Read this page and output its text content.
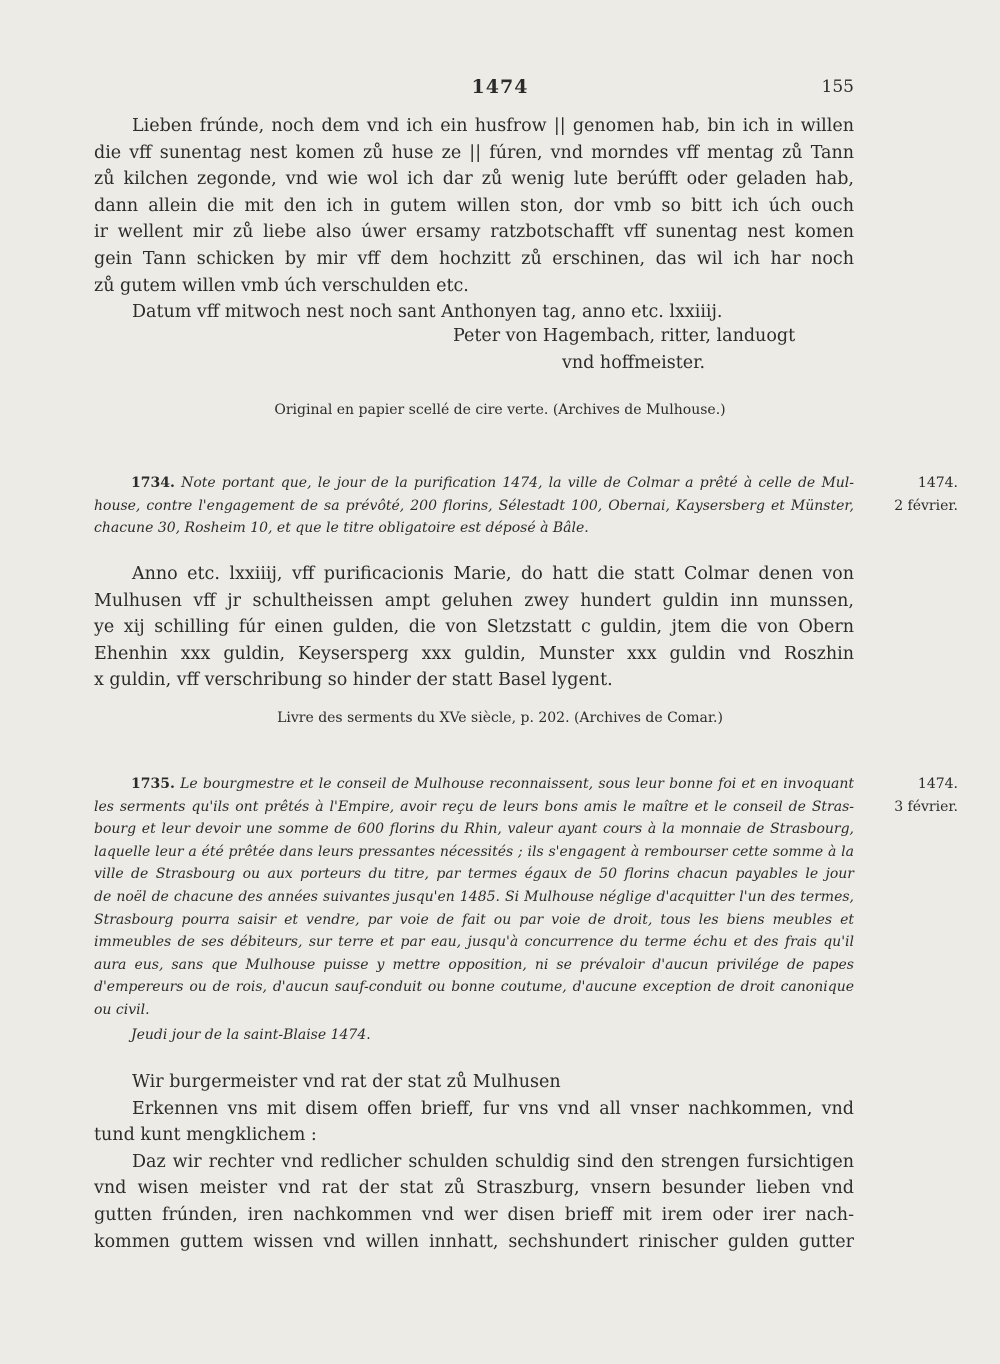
1474	155
Lieben frúnde, noch dem vnd ich ein husfrow || genomen hab, bin ich in willen
die vff sunentag nest komen zů huse ze || fúren, vnd morndes vff mentag zů Tann
zů kilchen zegonde, vnd wie wol ich dar zů wenig lute berúfft oder geladen hab,
dann allein die mit den ich in gutem willen ston, dor vmb so bitt ich úch ouch
ir wellent mir zů liebe also úwer ersamy ratzbotschafft vff sunentag nest komen
gein Tann schicken by mir vff dem hochzitt zů erschinen, das wil ich har noch
zů gutem willen vmb úch verschulden etc.
Datum vff mitwoch nest noch sant Anthonyen tag, anno etc. lxxiiij.
Peter von Hagembach, ritter, landuogt
vnd hoffmeister.
Original en papier scellé de cire verte. (Archives de Mulhouse.)
1734. Note portant que, le jour de la purification 1474, la ville de Colmar a prêté à celle de Mul-
house, contre l'engagement de sa prévôté, 200 florins, Sélestadt 100, Obernai, Kaysersberg et Münster,
chacune 30, Rosheim 10, et que le titre obligatoire est déposé à Bâle.
1474.
2 février.
Anno etc. lxxiiij, vff purificacionis Marie, do hatt die statt Colmar denen von
Mulhusen vff jr schultheissen ampt geluhen zwey hundert guldin inn munssen,
ye xij schilling fúr einen gulden, die von Sletzstatt c guldin, jtem die von Obern
Ehenhin xxx guldin, Keysersperg xxx guldin, Munster xxx guldin vnd Roszhin
x guldin, vff verschribung so hinder der statt Basel lygent.
Livre des serments du XVe siècle, p. 202. (Archives de Comar.)
1735. Le bourgmestre et le conseil de Mulhouse reconnaissent, sous leur bonne foi et en invoquant
les serments qu'ils ont prêtés à l'Empire, avoir reçu de leurs bons amis le maître et le conseil de Stras-
bourg et leur devoir une somme de 600 florins du Rhin, valeur ayant cours à la monnaie de Strasbourg,
laquelle leur a été prêtée dans leurs pressantes nécessités ; ils s'engagent à rembourser cette somme à la
ville de Strasbourg ou aux porteurs du titre, par termes égaux de 50 florins chacun payables le jour
de noël de chacune des années suivantes jusqu'en 1485. Si Mulhouse néglige d'acquitter l'un des termes,
Strasbourg pourra saisir et vendre, par voie de fait ou par voie de droit, tous les biens meubles et
immeubles de ses débiteurs, sur terre et par eau, jusqu'à concurrence du terme échu et des frais qu'il
aura eus, sans que Mulhouse puisse y mettre opposition, ni se prévaloir d'aucun privilége de papes
d'empereurs ou de rois, d'aucun sauf-conduit ou bonne coutume, d'aucune exception de droit canonique
ou civil.
1474.
3 février.
Jeudi jour de la saint-Blaise 1474.
Wir burgermeister vnd rat der stat zů Mulhusen
Erkennen vns mit disem offen brieff, fur vns vnd all vnser nachkommen, vnd
tund kunt mengklichem :
Daz wir rechter vnd redlicher schulden schuldig sind den strengen fursichtigen
vnd wisen meister vnd rat der stat zů Straszburg, vnsern besunder lieben vnd
gutten frúnden, iren nachkommen vnd wer disen brieff mit irem oder irer nach-
kommen guttem wissen vnd willen innhatt, sechshundert rinischer gulden gutter
